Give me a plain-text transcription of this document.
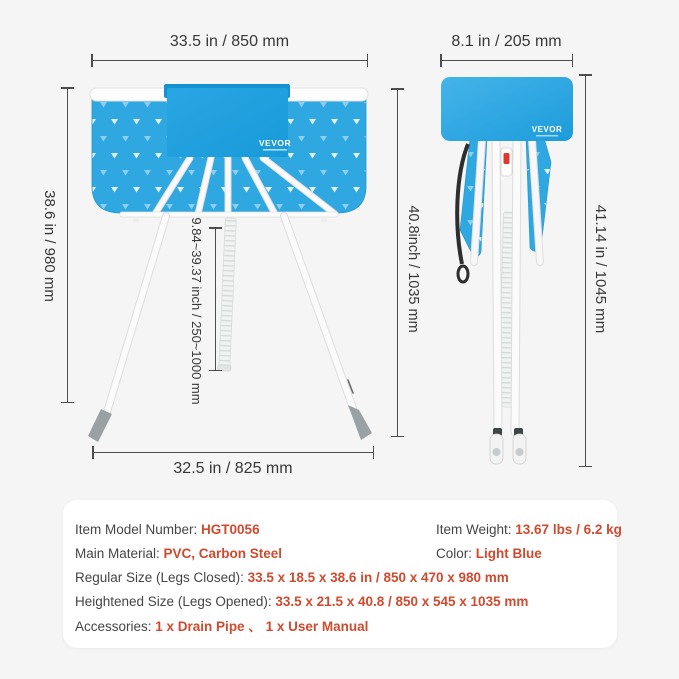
VEVOR
VEVOR
33.5 in / 850 mm	8.1 in / 205 mm
38.6 in / 980 mm	9.84~39.37 inch / 250~1000 mm	40.8inch / 1035 mm
32.5 in / 825 mm
41.14 in / 1045 mm
Item Model Number: HGT0056	Item Weight: 13.67 lbs / 6.2 kg
Main Material: PVC, Carbon Steel	Color: Light Blue
Regular Size (Legs Closed): 33.5 x 18.5 x 38.6 in / 850 x 470 x 980 mm
Heightened Size (Legs Opened): 33.5 x 21.5 x 40.8 / 850 x 545 x 1035 mm
Accessories: 1 x Drain Pipe 、 1 x User Manual
